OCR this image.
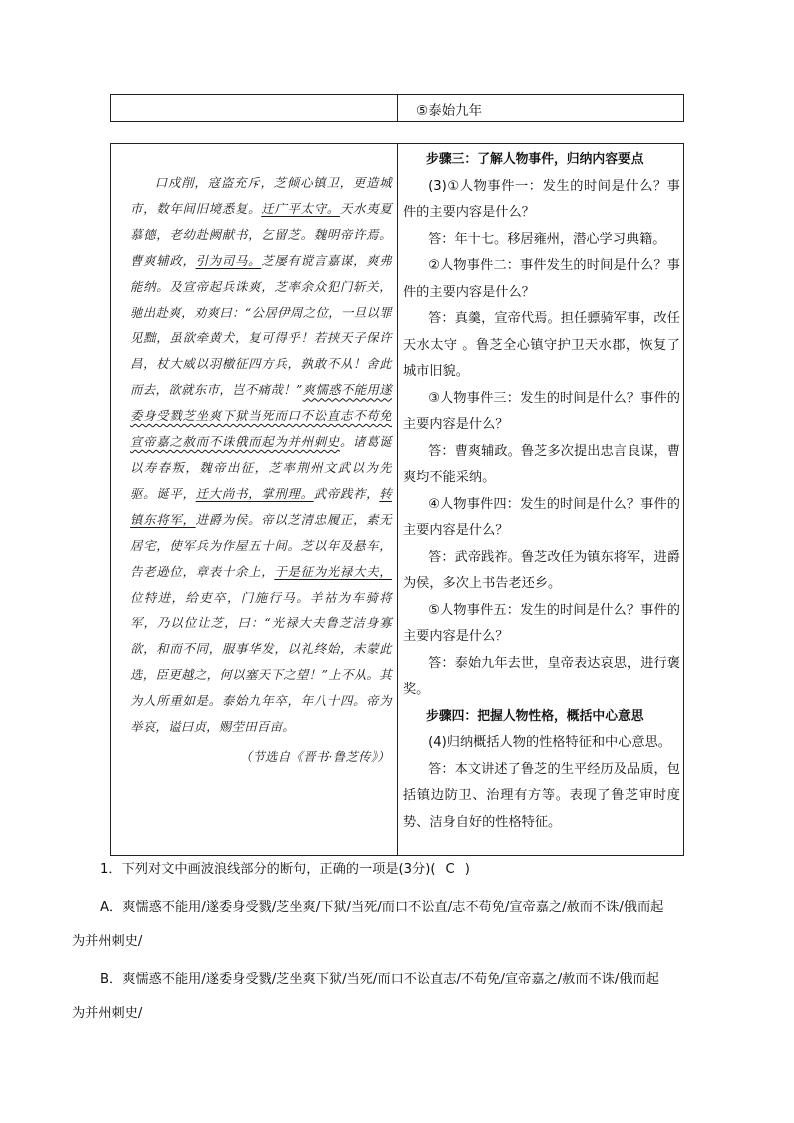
⑤泰始九年

口戍削，寇盗充斥，芝倾心镇卫，更造城市，数年间旧境悉复。迁广平太守。天水夷夏慕德，老幼赴阙献书，乞留芝。魏明帝许焉。曹爽辅政，引为司马。芝屡有谠言嘉谋，爽弗能纳。及宣帝起兵诛爽，芝率余众犯门斩关，驰出赴爽，劝爽曰：“公居伊周之位，一旦以罪见黜，虽欲牵黄犬，复可得乎！若挟天子保许昌，杖大威以羽檄征四方兵，孰敢不从！舍此而去，欲就东市，岂不痛哉！”爽懦惑不能用遂委身受戮芝坐爽下狱当死而口不讼直志不苟免宣帝嘉之赦而不诛俄而起为并州刺史。诸葛诞以寿春叛，魏帝出征，芝率荆州文武以为先驱。诞平，迁大尚书，掌刑理。武帝践祚，转镇东将军，进爵为侯。帝以芝清忠履正，素无居宅，使军兵为作屋五十间。芝以年及悬车，告老逊位，章表十余上，于是征为光禄大夫，位特进，给吏卒，门施行马。羊祜为车骑将军，乃以位让芝，曰：“光禄大夫鲁芝洁身寡欲，和而不同，服事华发，以礼终始，未蒙此选，臣更越之，何以塞天下之望！”上不从。其为人所重如是。泰始九年卒，年八十四。帝为举哀，谥曰贞，赐茔田百亩。

（节选自《晋书·鲁芝传》）

步骤三：了解人物事件，归纳内容要点

(3)①人物事件一：发生的时间是什么？事件的主要内容是什么？

答：年十七。移居雍州，潜心学习典籍。

②人物事件二：事件发生的时间是什么？事件的主要内容是什么？

答：真羹，宣帝代焉。担任骠骑军事，改任天水太守 。鲁芝全心镇守护卫天水郡，恢复了城市旧貌。

③人物事件三：发生的时间是什么？事件的主要内容是什么？

答：曹爽辅政。鲁芝多次提出忠言良谋，曹爽均不能采纳。

④人物事件四：发生的时间是什么？事件的主要内容是什么？

答：武帝践祚。鲁芝改任为镇东将军，进爵为侯，多次上书告老还乡。

⑤人物事件五：发生的时间是什么？事件的主要内容是什么？

答：泰始九年去世，皇帝表达哀思，进行褒奖。

步骤四：把握人物性格，概括中心意思

(4)归纳概括人物的性格特征和中心意思。

答：本文讲述了鲁芝的生平经历及品质，包括镇边防卫、治理有方等。表现了鲁芝审时度势、洁身自好的性格特征。

1．下列对文中画波浪线部分的断句，正确的一项是(3分)( C )

A．爽懦惑不能用/遂委身受戮/芝坐爽/下狱/当死/而口不讼直/志不苟免/宣帝嘉之/赦而不诛/俄而起

为并州刺史/

B．爽懦惑不能用/遂委身受戮/芝坐爽下狱/当死/而口不讼直志/不苟免/宣帝嘉之/赦而不诛/俄而起

为并州刺史/
